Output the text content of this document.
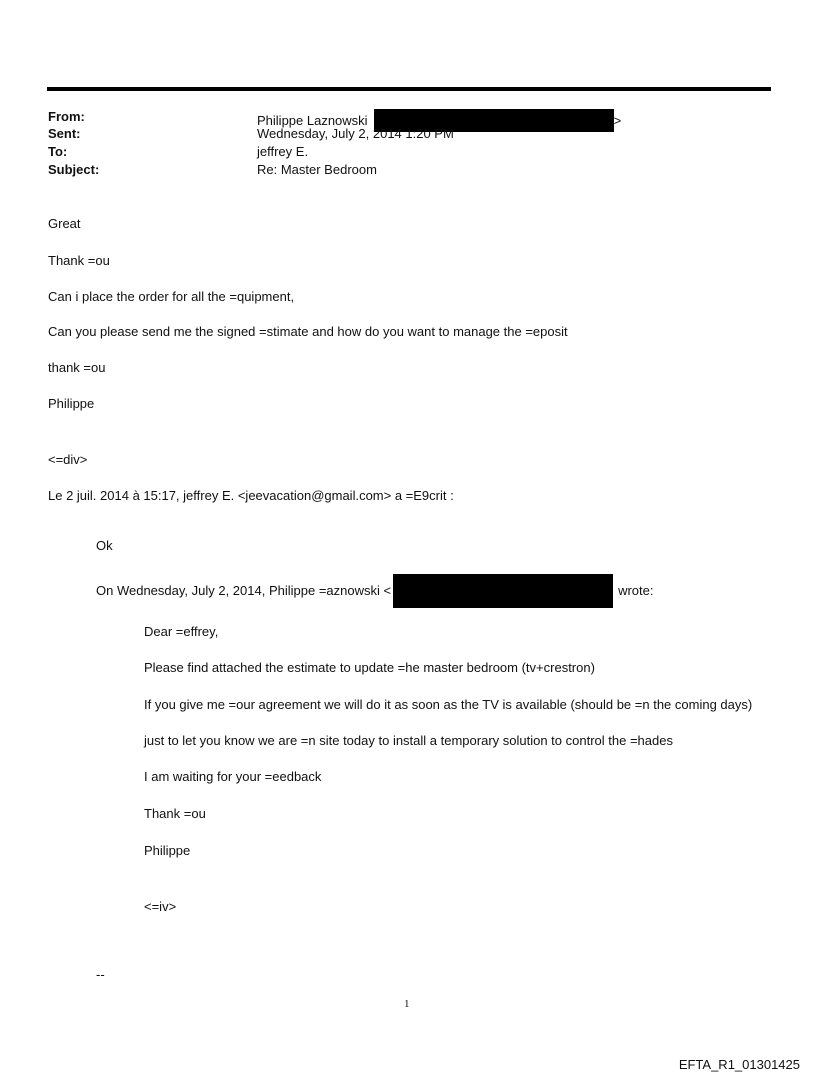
From:	Philippe Laznowski	>
Sent:	Wednesday, July 2, 2014 1:20 PM
To:	jeffrey E.
Subject:	Re: Master Bedroom
Great
Thank =ou
Can i place the order for all the =quipment,
Can you please send me the signed =stimate and how do you want to manage the =eposit
thank =ou
Philippe
<=div>
Le 2 juil. 2014 à 15:17, jeffrey E. <jeevacation@gmail.com> a =E9crit :
Ok
On Wednesday, July 2, 2014, Philippe =aznowski <	wrote:
Dear =effrey,
Please find attached the estimate to update =he master bedroom (tv+crestron)
If you give me =our agreement we will do it as soon as the TV is available (should be =n the coming days)
just to let you know we are =n site today to install a temporary solution to control the =hades
I am waiting for your =eedback
Thank =ou
Philippe
<=iv>
--
1
EFTA_R1_01301425
